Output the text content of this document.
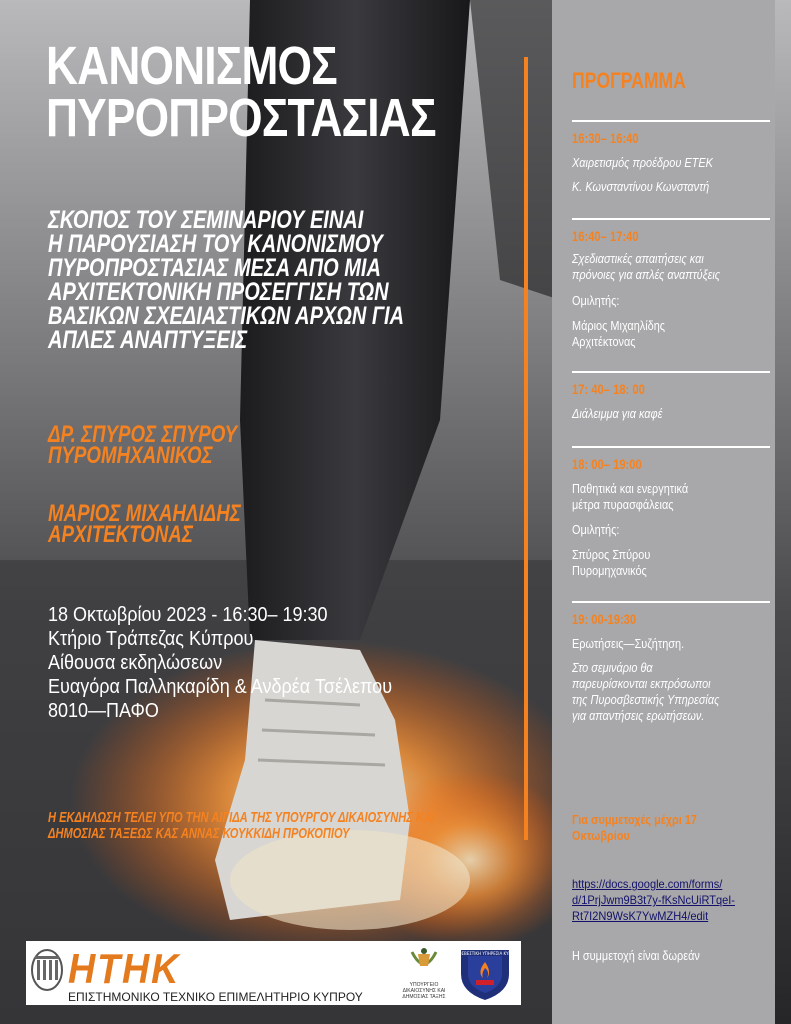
ΚΑΝΟΝΙΣΜΟΣ
ΠΥΡΟΠΡΟΣΤΑΣΙΑΣ
ΣΚΟΠΟΣ ΤΟΥ ΣΕΜΙΝΑΡΙΟΥ ΕΙΝΑΙ
Η ΠΑΡΟΥΣΙΑΣΗ ΤΟΥ ΚΑΝΟΝΙΣΜΟΥ
ΠΥΡΟΠΡΟΣΤΑΣΙΑΣ ΜΕΣΑ ΑΠΟ ΜΙΑ
ΑΡΧΙΤΕΚΤΟΝΙΚΗ ΠΡΟΣΕΓΓΙΣΗ ΤΩΝ
ΒΑΣΙΚΩΝ ΣΧΕΔΙΑΣΤΙΚΩΝ ΑΡΧΩΝ ΓΙΑ
ΑΠΛΕΣ ΑΝΑΠΤΥΞΕΙΣ
ΔΡ. ΣΠΥΡΟΣ ΣΠΥΡΟΥ
ΠΥΡΟΜΗΧΑΝΙΚΟΣ
ΜΑΡΙΟΣ ΜΙΧΑΗΛΙΔΗΣ
ΑΡΧΙΤΕΚΤΟΝΑΣ
18 Οκτωβρίου 2023 - 16:30– 19:30
Κτήριο Τράπεζας Κύπρου
Αίθουσα εκδηλώσεων
Ευαγόρα Παλληκαρίδη & Ανδρέα Τσέλεπου
8010—ΠΑΦΟ
Η ΕΚΔΗΛΩΣΗ ΤΕΛΕΙ ΥΠΟ ΤΗΝ ΑΙΓΙΔΑ ΤΗΣ ΥΠΟΥΡΓΟΥ ΔΙΚΑΙΟΣΥΝΗΣ ΚΑΙ
ΔΗΜΟΣΙΑΣ ΤΑΞΕΩΣ ΚΑΣ ΑΝΝΑΣ ΚΟΥΚΚΙΔΗ ΠΡΟΚΟΠΙΟΥ
ΠΡΟΓΡΑΜΜΑ
16:30– 16:40
Χαιρετισμός προέδρου ΕΤΕΚ
Κ. Κωνσταντίνου Κωνσταντή
16:40– 17:40
Σχεδιαστικές απαιτήσεις και
πρόνοιες για απλές αναπτύξεις
Ομιλητής:
Μάριος Μιχαηλίδης
Αρχιτέκτονας
17: 40– 18: 00
Διάλειμμα για καφέ
18: 00– 19:00
Παθητικά και ενεργητικά
μέτρα πυρασφάλειας
Ομιλητής:
Σπύρος Σπύρου
Πυρομηχανικός
19: 00-19:30
Ερωτήσεις—Συζήτηση.
Στο σεμινάριο θα
παρευρίσκονται εκπρόσωποι
της Πυροσβεστικής Υπηρεσίας
για απαντήσεις ερωτήσεων.
Για συμμετοχές μέχρι 17
Οκτωβρίου
https://docs.google.com/forms/
d/1PrjJwm9B3t7y-fKsNcUiRTqeI-
Rt7I2N9WsK7YwMZH4/edit
Η συμμετοχή είναι δωρεάν
ΗΤΗΚ
ΕΠΙΣΤΗΜΟΝΙΚΟ ΤΕΧΝΙΚΟ ΕΠΙΜΕΛΗΤΗΡΙΟ ΚΥΠΡΟΥ
ΥΠΟΥΡΓΕΙΟ ΔΙΚΑΙΟΣΥΝΗΣ ΚΑΙ ΔΗΜΟΣΙΑΣ ΤΑΞΗΣ
ΠΥΡΟΣΒΕΣΤΙΚΗ ΥΠΗΡΕΣΙΑ ΚΥΠΡΟΥ
